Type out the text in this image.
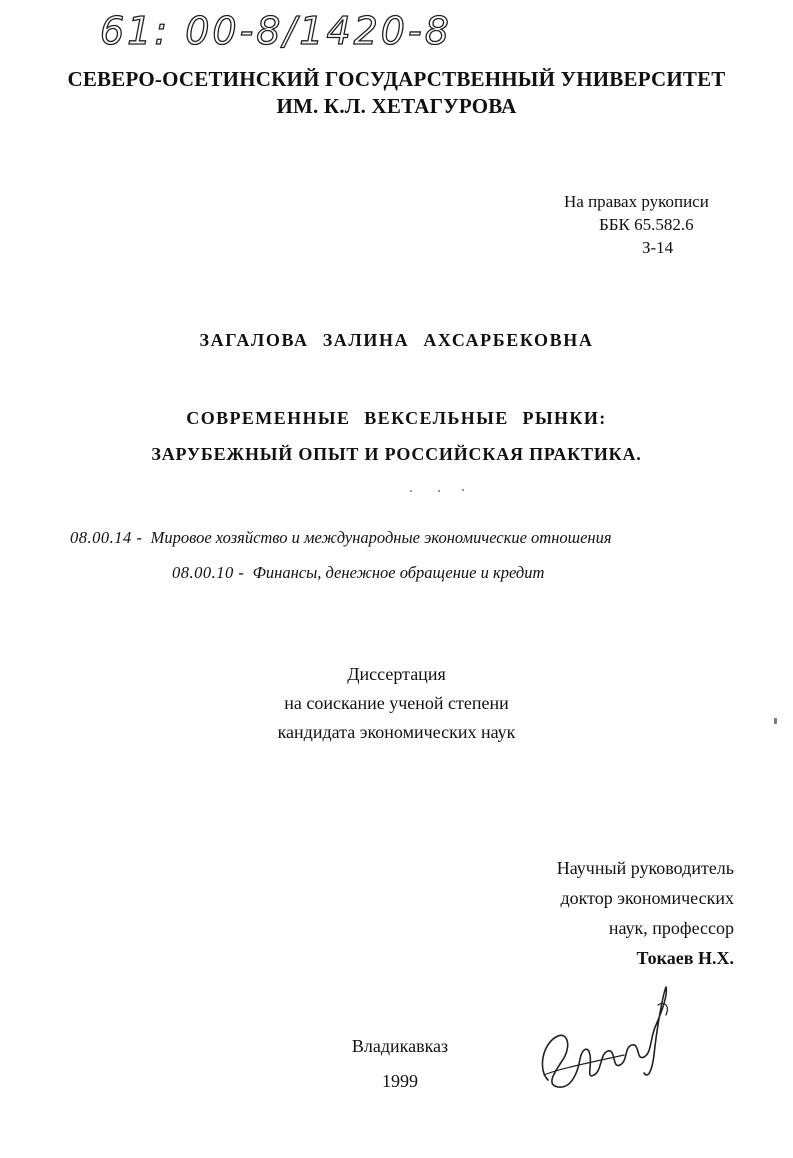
61: 00-8/1420-8
СЕВЕРО-ОСЕТИНСКИЙ ГОСУДАРСТВЕННЫЙ УНИВЕРСИТЕТ
ИМ. К.Л. ХЕТАГУРОВА
На правах рукописи
ББК 65.582.6
З-14
ЗАГАЛОВА ЗАЛИНА АХСАРБЕКОВНА
СОВРЕМЕННЫЕ ВЕКСЕЛЬНЫЕ РЫНКИ:
ЗАРУБЕЖНЫЙ ОПЫТ И РОССИЙСКАЯ ПРАКТИКА.
08.00.14 - Мировое хозяйство и международные экономические отношения
08.00.10 - Финансы, денежное обращение и кредит
Диссертация
на соискание ученой степени
кандидата экономических наук
Научный руководитель
доктор экономических
наук, профессор
Токаев Н.Х.
Владикавказ
1999
